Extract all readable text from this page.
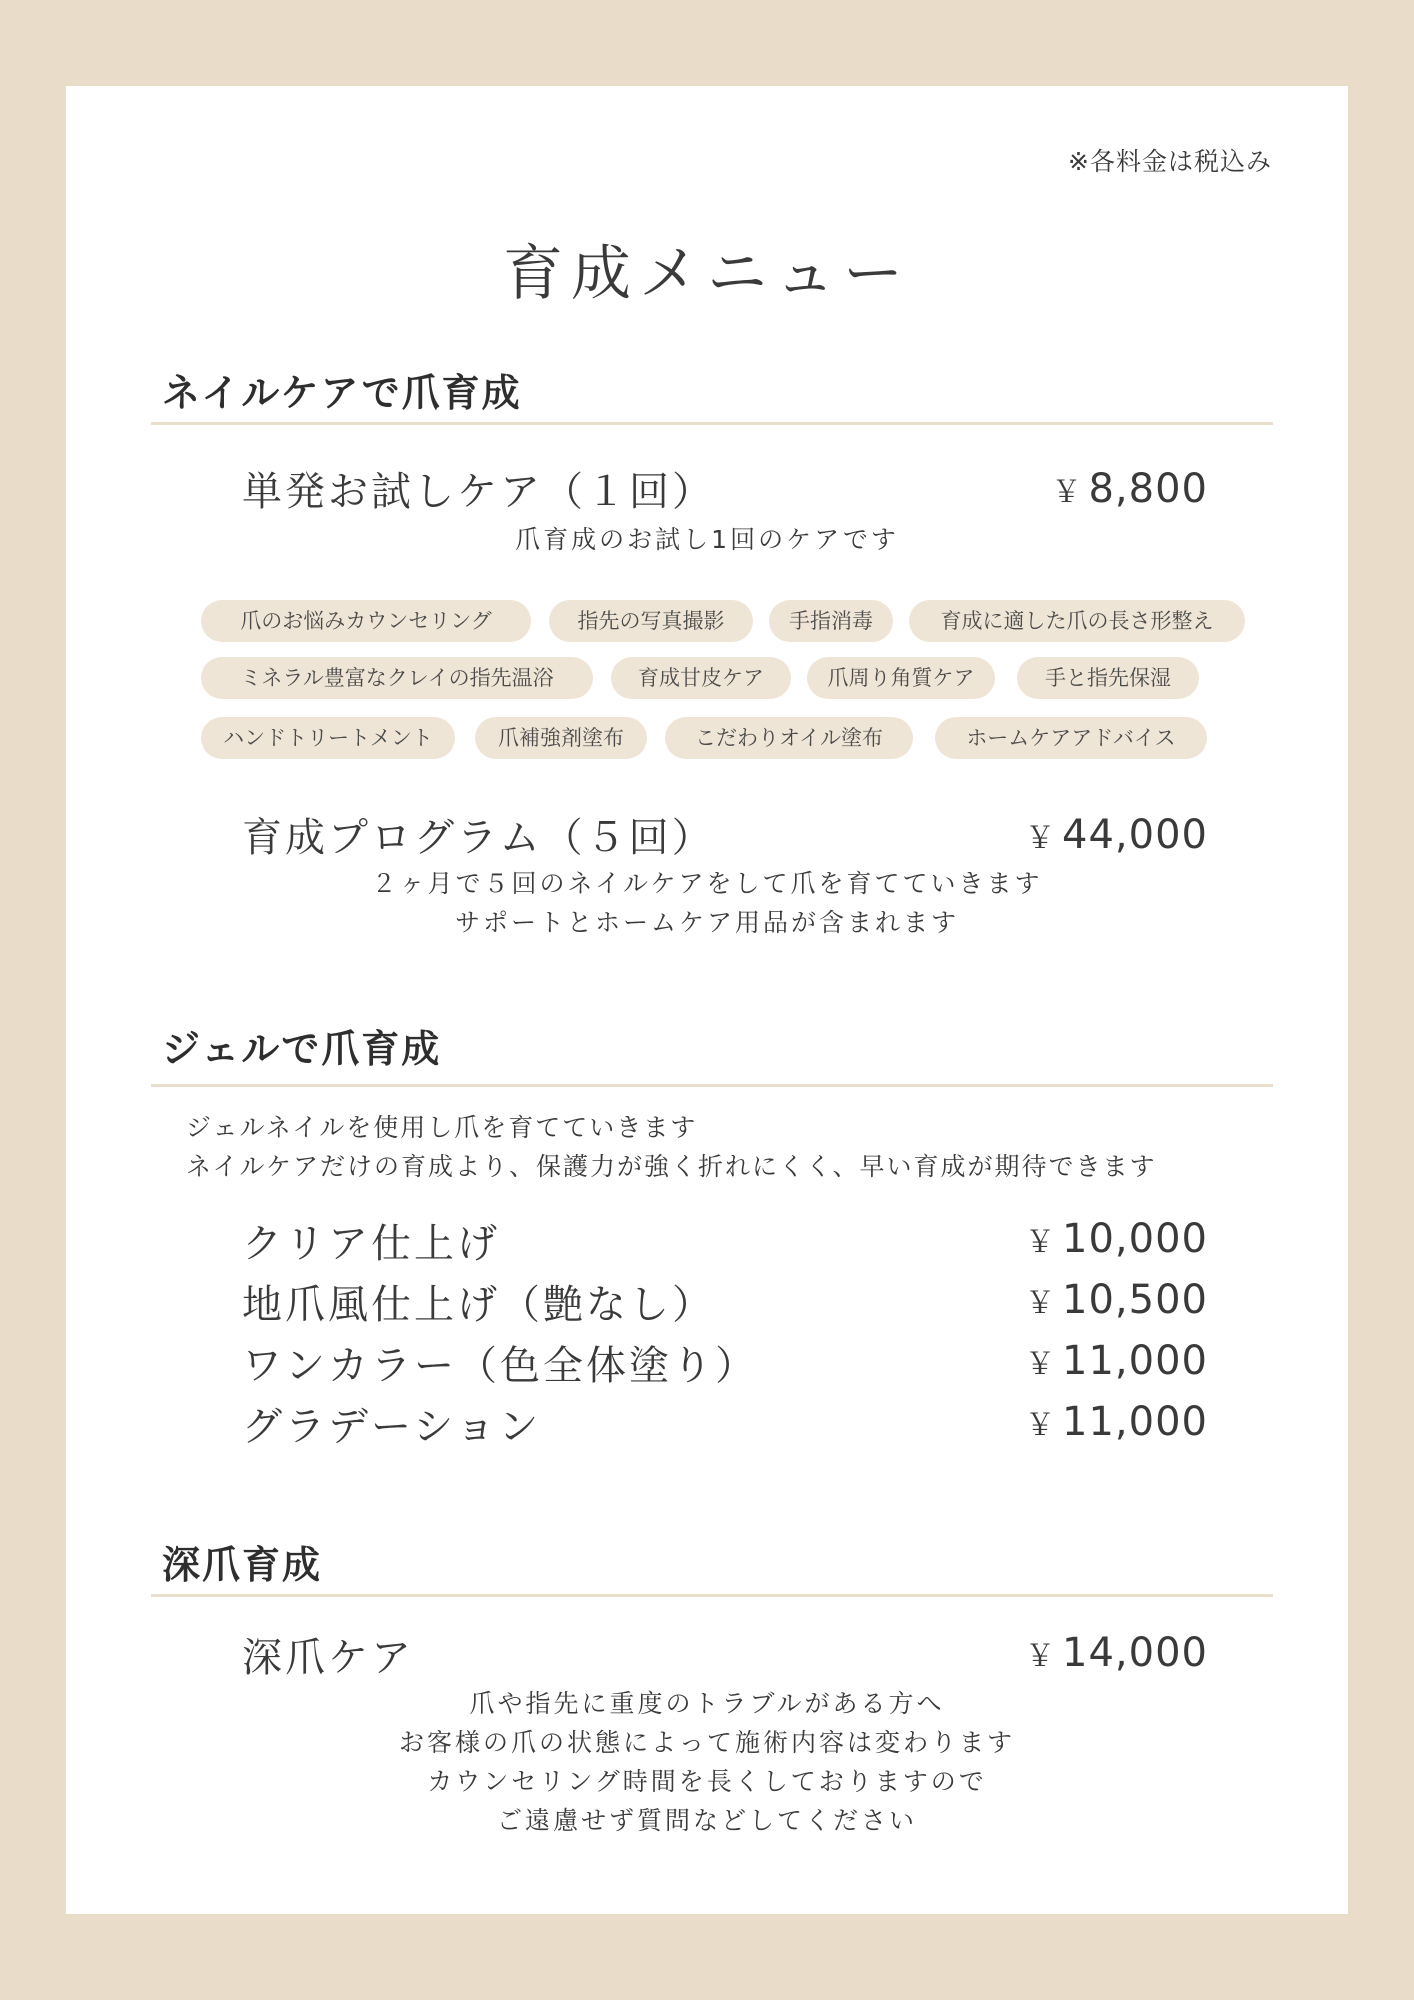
※各料金は税込み
育成メニュー
ネイルケアで爪育成
単発お試しケア（１回）	￥ 8,800
爪育成のお試し1回のケアです
爪のお悩みカウンセリング	指先の写真撮影	手指消毒	育成に適した爪の長さ形整え
ミネラル豊富なクレイの指先温浴	育成甘皮ケア	爪周り角質ケア	手と指先保湿
ハンドトリートメント	爪補強剤塗布	こだわりオイル塗布	ホームケアアドバイス
育成プログラム（５回）	￥ 44,000
２ヶ月で５回のネイルケアをして爪を育てていきます
サポートとホームケア用品が含まれます
ジェルで爪育成
ジェルネイルを使用し爪を育てていきます
ネイルケアだけの育成より、保護力が強く折れにくく、早い育成が期待できます
クリア仕上げ	￥ 10,000
地爪風仕上げ（艶なし）	￥ 10,500
ワンカラー（色全体塗り）	￥ 11,000
グラデーション	￥ 11,000
深爪育成
深爪ケア	￥ 14,000
爪や指先に重度のトラブルがある方へ
お客様の爪の状態によって施術内容は変わります
カウンセリング時間を長くしておりますので
ご遠慮せず質問などしてください
